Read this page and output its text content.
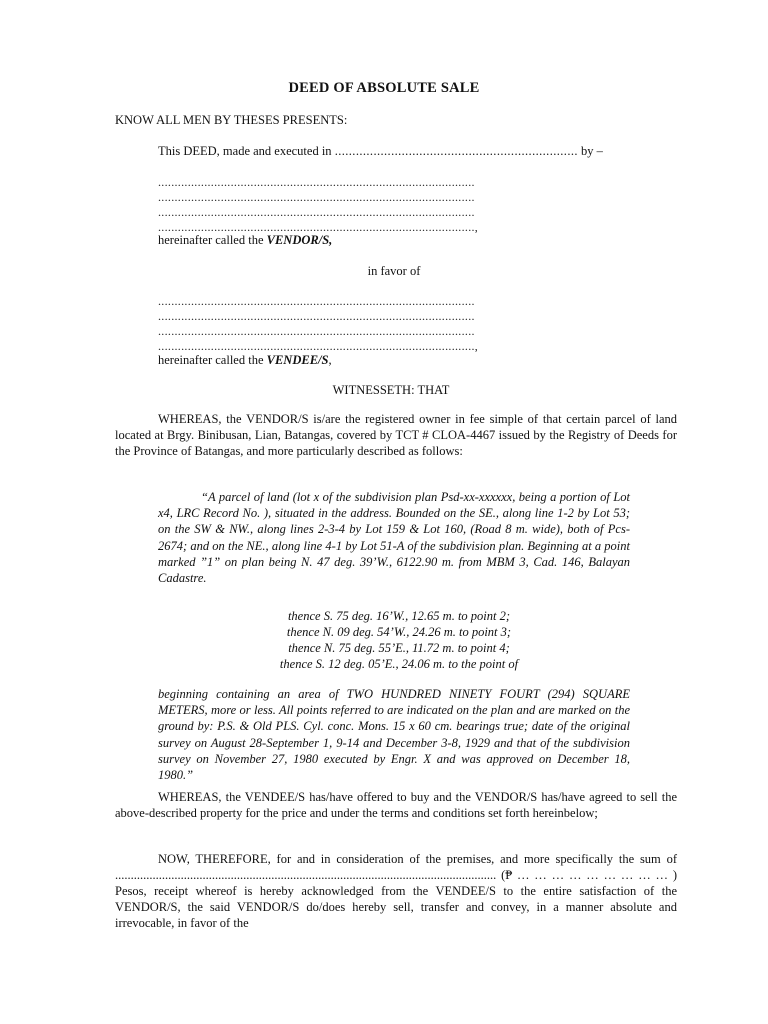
DEED OF ABSOLUTE SALE
KNOW ALL MEN BY THESES PRESENTS:
This DEED, made and executed in ..................................................................... by –
................................................................................................
................................................................................................
................................................................................................
................................................................................................,
hereinafter called the VENDOR/S,
in favor of
................................................................................................
................................................................................................
................................................................................................
................................................................................................,
hereinafter called the VENDEE/S,
WITNESSETH: THAT

WHEREAS, the VENDOR/S is/are the registered owner in fee simple of that certain parcel of land located at Brgy. Binibusan, Lian, Batangas, covered by TCT # CLOA-4467 issued by the Registry of Deeds for the Province of Batangas, and more particularly described as follows:

“A parcel of land (lot x of the subdivision plan Psd-xx-xxxxxx, being a portion of Lot x4, LRC Record No. ), situated in the address. Bounded on the SE., along line 1-2 by Lot 53; on the SW & NW., along lines 2-3-4 by Lot 159 & Lot 160, (Road 8 m. wide), both of Pcs-2674; and on the NE., along line 4-1 by Lot 51-A of the subdivision plan. Beginning at a point marked ”1” on plan being N. 47 deg. 39’W., 6122.90 m. from MBM 3, Cad. 146, Balayan Cadastre.

thence S. 75 deg. 16’W., 12.65 m. to point 2;
thence N. 09 deg. 54’W., 24.26 m. to point 3;
thence N. 75 deg. 55’E., 11.72 m. to point 4;
thence S. 12 deg. 05’E., 24.06 m. to the point of

beginning containing an area of TWO HUNDRED NINETY FOURT (294) SQUARE METERS, more or less. All points referred to are indicated on the plan and are marked on the ground by: P.S. & Old PLS. Cyl. conc. Mons. 15 x 60 cm. bearings true; date of the original survey on August 28-September 1, 9-14 and December 3-8, 1929 and that of the subdivision survey on November 27, 1980 executed by Engr. X and was approved on December 18, 1980.”

WHEREAS, the VENDEE/S has/have offered to buy and the VENDOR/S has/have agreed to sell the above-described property for the price and under the terms and conditions set forth hereinbelow;

NOW, THEREFORE, for and in consideration of the premises, and more specifically the sum of .......................................................................................................................... (₱ … … … … … … … … … ) Pesos, receipt whereof is hereby acknowledged from the VENDEE/S to the entire satisfaction of the VENDOR/S, the said VENDOR/S do/does hereby sell, transfer and convey, in a manner absolute and irrevocable, in favor of the
